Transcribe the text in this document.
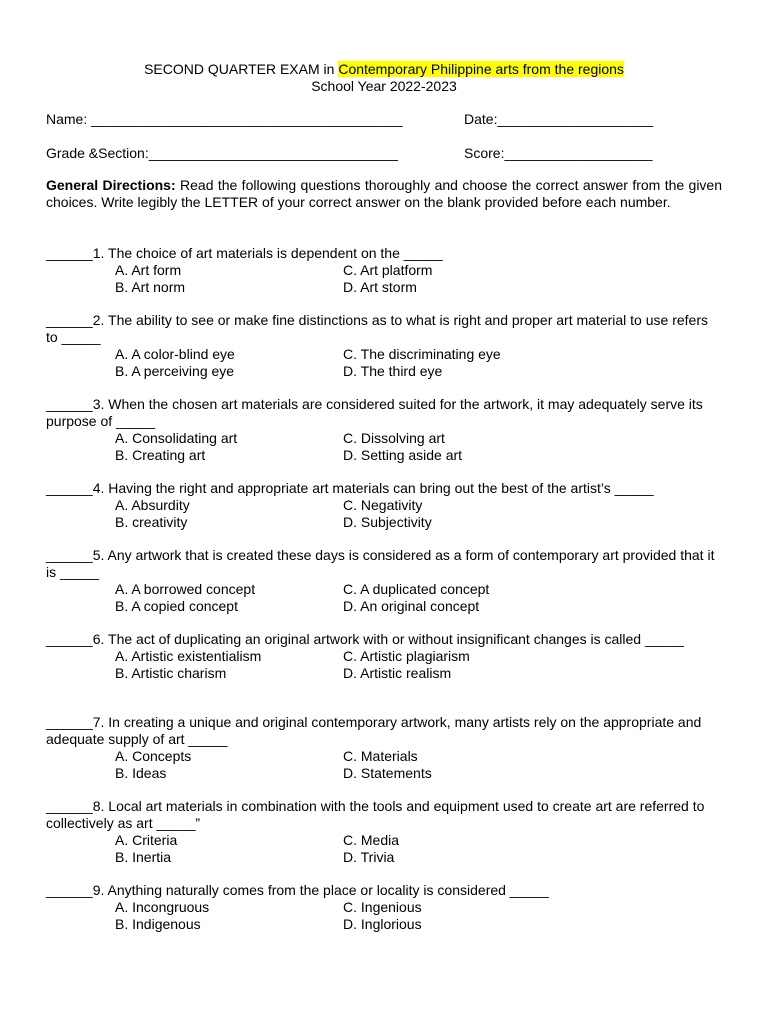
SECOND QUARTER EXAM in Contemporary Philippine arts from the regions
School Year 2022-2023
Name: ________________________________________	Date:____________________
Grade &Section:________________________________	Score:___________________
General Directions: Read the following questions thoroughly and choose the correct answer from the given choices. Write legibly the LETTER of your correct answer on the blank provided before each number.
______1. The choice of art materials is dependent on the _____
A. Art form	C. Art platform
B. Art norm	D. Art storm
______2. The ability to see or make fine distinctions as to what is right and proper art material to use refers to _____
A. A color-blind eye	C. The discriminating eye
B. A perceiving eye	D. The third eye
______3. When the chosen art materials are considered suited for the artwork, it may adequately serve its purpose of _____
A. Consolidating art	C. Dissolving art
B. Creating art	D. Setting aside art
______4. Having the right and appropriate art materials can bring out the best of the artist’s _____
A. Absurdity	C. Negativity
B. creativity	D. Subjectivity
______5. Any artwork that is created these days is considered as a form of contemporary art provided that it is _____
A. A borrowed concept	C. A duplicated concept
B. A copied concept	D. An original concept
______6. The act of duplicating an original artwork with or without insignificant changes is called _____
A. Artistic existentialism	C. Artistic plagiarism
B. Artistic charism	D. Artistic realism
______7. In creating a unique and original contemporary artwork, many artists rely on the appropriate and adequate supply of art _____
A. Concepts	C. Materials
B. Ideas	D. Statements
______8. Local art materials in combination with the tools and equipment used to create art are referred to collectively as art _____”
A. Criteria	C. Media
B. Inertia	D. Trivia
______9. Anything naturally comes from the place or locality is considered _____
A. Incongruous	C. Ingenious
B. Indigenous	D. Inglorious
